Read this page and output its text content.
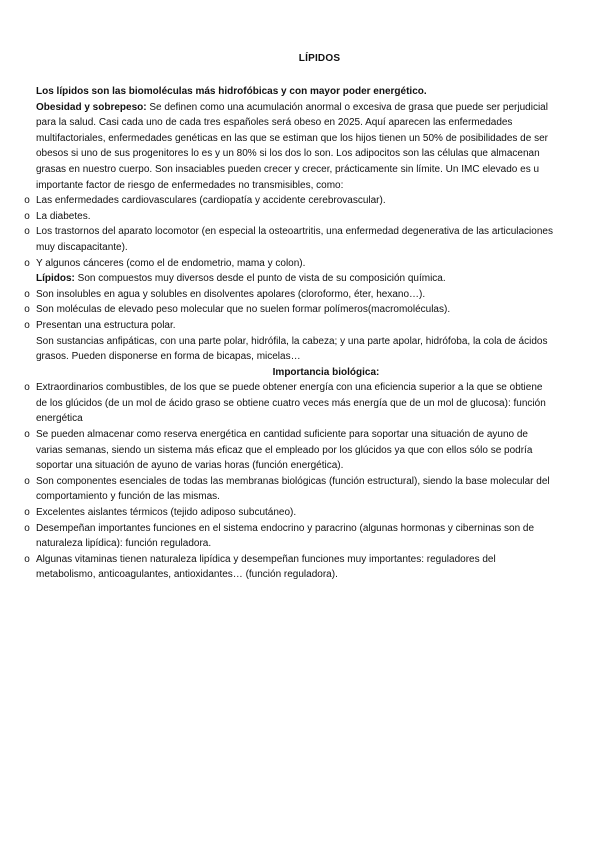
LÍPIDOS

Los lípidos son las biomoléculas más hidrofóbicas y con mayor poder energético.

Obesidad y sobrepeso: Se definen como una acumulación anormal o excesiva de grasa que puede ser perjudicial para la salud. Casi cada uno de cada tres españoles será obeso en 2025. Aquí aparecen las enfermedades multifactoriales, enfermedades genéticas en las que se estiman que los hijos tienen un 50% de posibilidades de ser obesos si uno de sus progenitores lo es y un 80% si los dos lo son. Los adipocitos son las células que almacenan grasas en nuestro cuerpo. Son insaciables pueden crecer y crecer, prácticamente sin límite. Un IMC elevado es u importante factor de riesgo de enfermedades no transmisibles, como:

o Las enfermedades cardiovasculares (cardiopatía y accidente cerebrovascular).
o La diabetes.
o Los trastornos del aparato locomotor (en especial la osteoartritis, una enfermedad degenerativa de las articulaciones muy discapacitante).
o Y algunos cánceres (como el de endometrio, mama y colon).

Lípidos: Son compuestos muy diversos desde el punto de vista de su composición química.

o Son insolubles en agua y solubles en disolventes apolares (cloroformo, éter, hexano…).
o Son moléculas de elevado peso molecular que no suelen formar polímeros(macromoléculas).
o Presentan una estructura polar.

Son sustancias anfipáticas, con una parte polar, hidrófila, la cabeza; y una parte apolar, hidrófoba, la cola de ácidos grasos. Pueden disponerse en forma de bicapas, micelas…

Importancia biológica:

o Extraordinarios combustibles, de los que se puede obtener energía con una eficiencia superior a la que se obtiene de los glúcidos (de un mol de ácido graso se obtiene cuatro veces más energía que de un mol de glucosa): función energética
o Se pueden almacenar como reserva energética en cantidad suficiente para soportar una situación de ayuno de varias semanas, siendo un sistema más eficaz que el empleado por los glúcidos ya que con ellos sólo se podría soportar una situación de ayuno de varias horas (función energética).
o Son componentes esenciales de todas las membranas biológicas (función estructural), siendo la base molecular del comportamiento y función de las mismas.
o Excelentes aislantes térmicos (tejido adiposo subcutáneo).
o Desempeñan importantes funciones en el sistema endocrino y paracrino (algunas hormonas y ciberninas son de naturaleza lipídica): función reguladora.
o Algunas vitaminas tienen naturaleza lipídica y desempeñan funciones muy importantes: reguladores del metabolismo, anticoagulantes, antioxidantes… (función reguladora).
